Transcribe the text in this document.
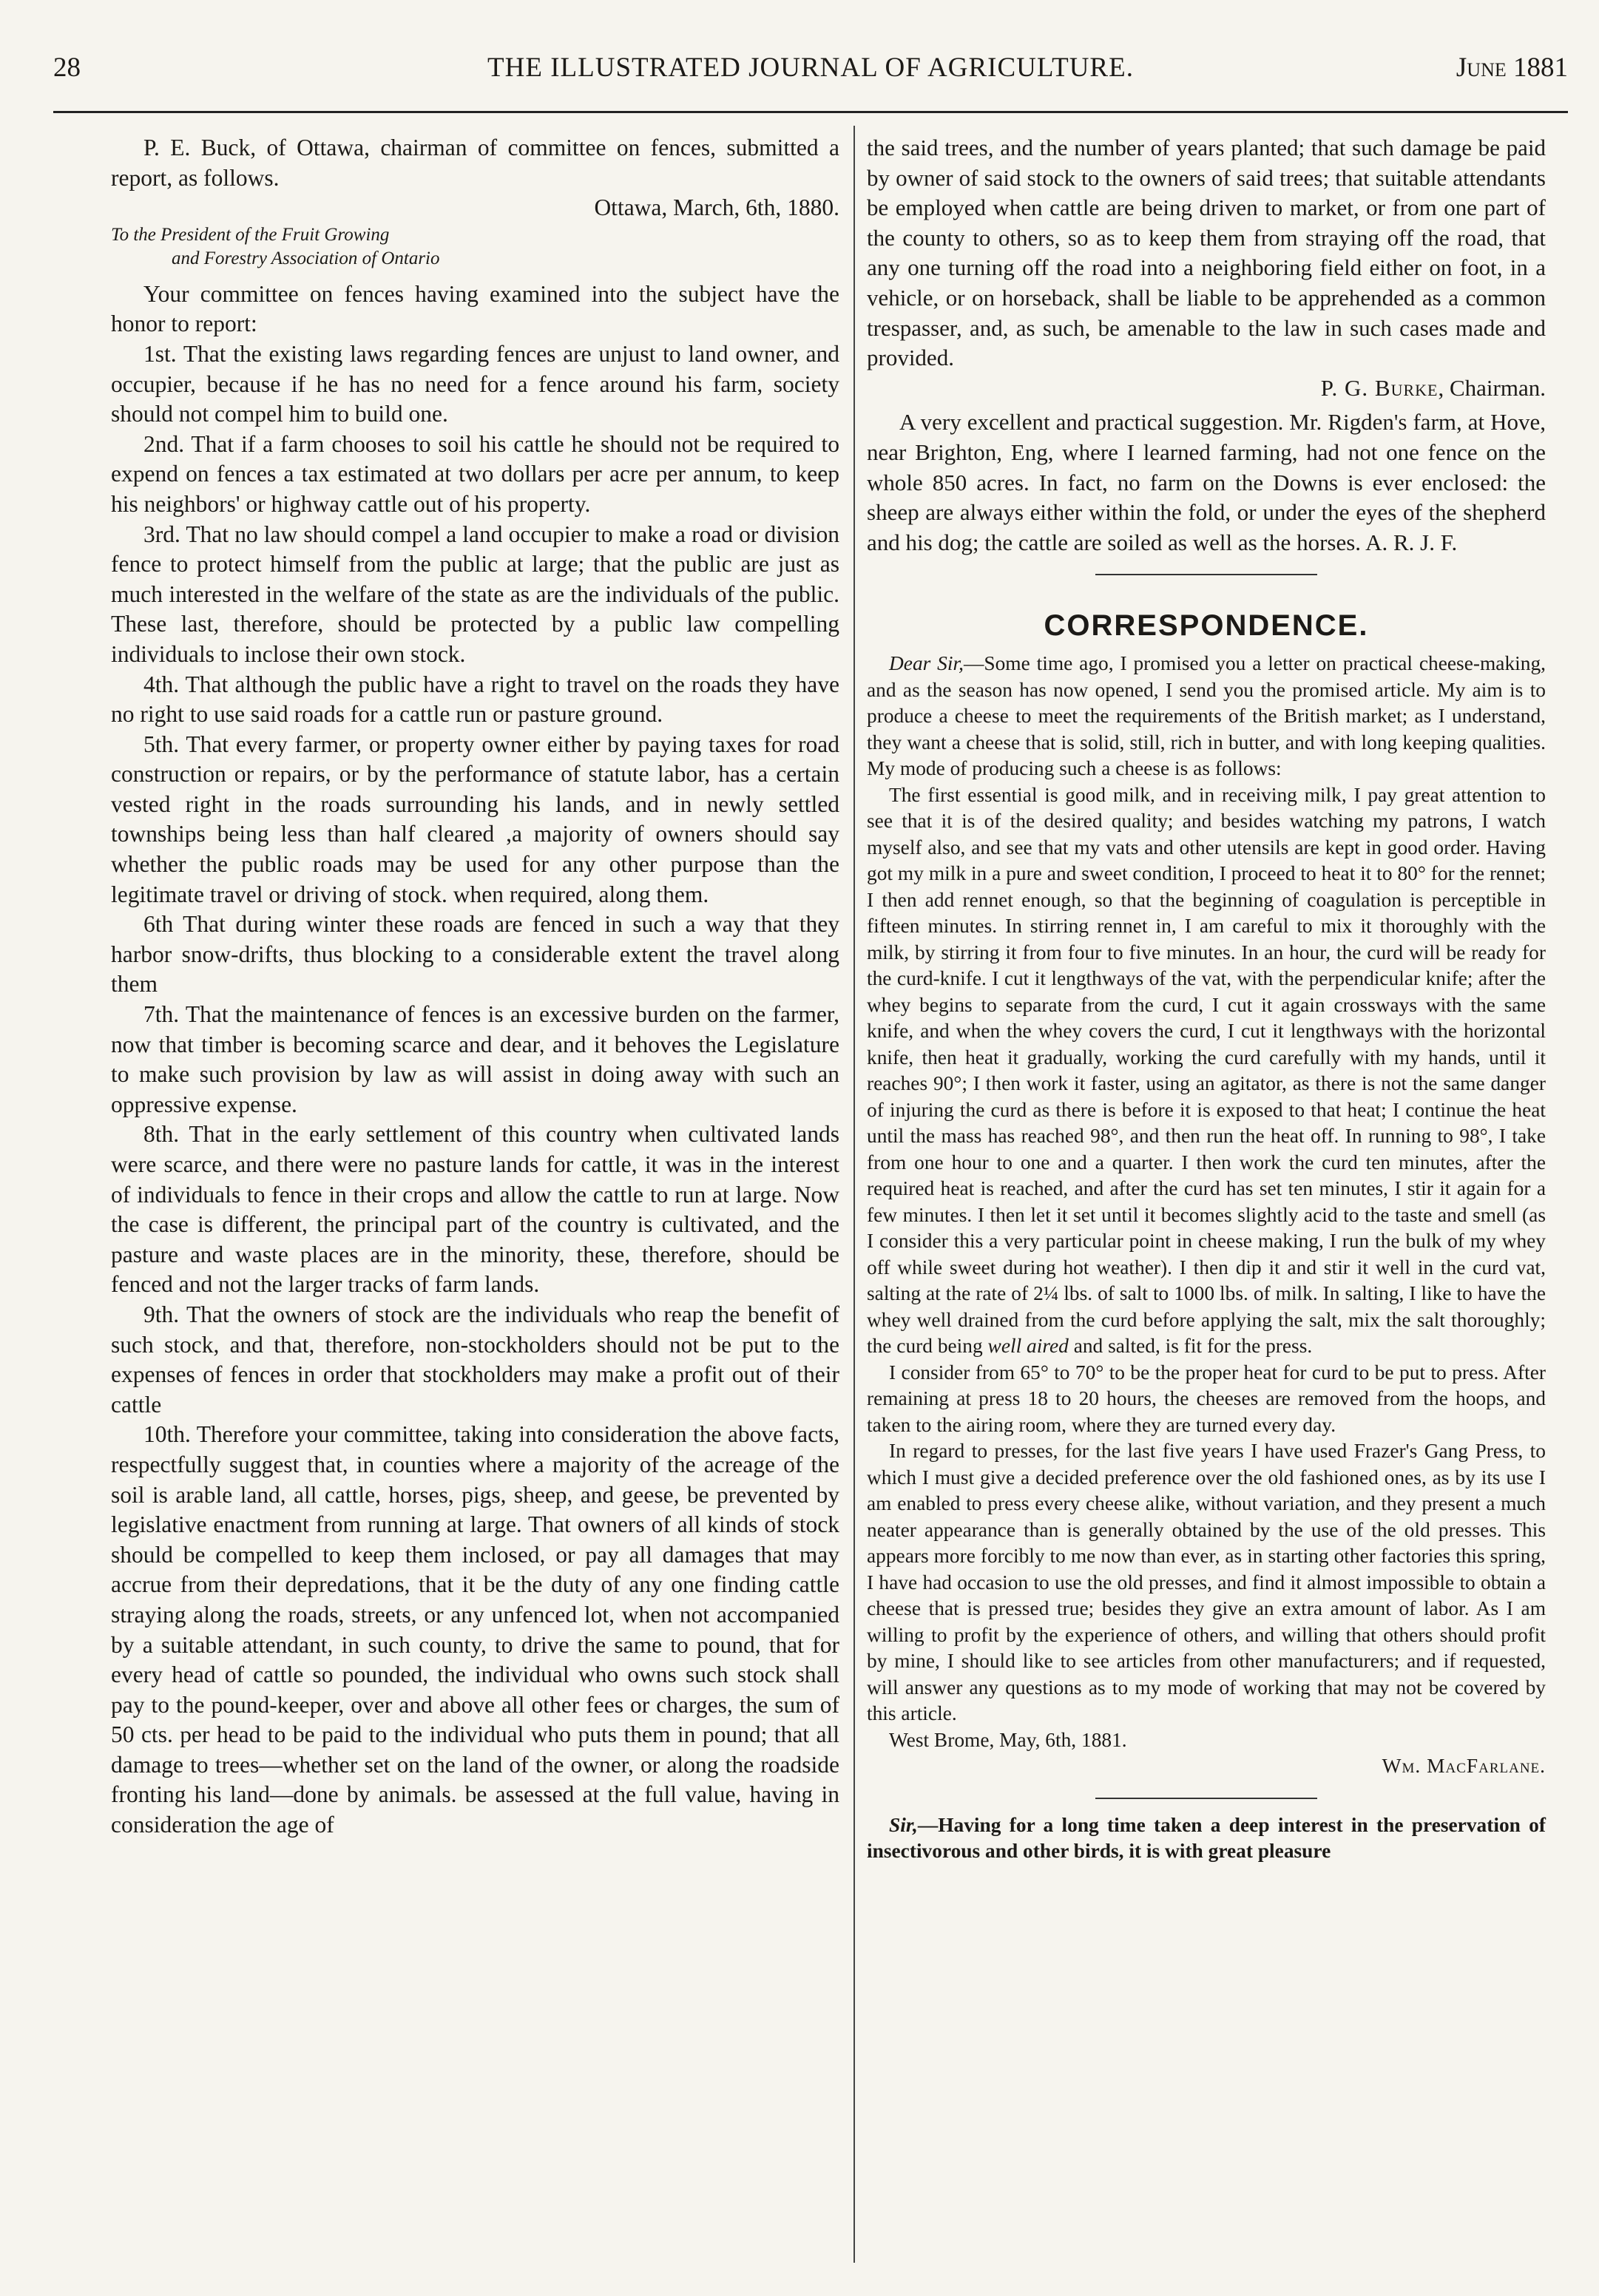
28	THE ILLUSTRATED JOURNAL OF AGRICULTURE.	June 1881

P. E. Buck, of Ottawa, chairman of committee on fences, submitted a report, as follows.

Ottawa, March, 6th, 1880.

To the President of the Fruit Growing
and Forestry Association of Ontario

Your committee on fences having examined into the subject have the honor to report:

1st. That the existing laws regarding fences are unjust to land owner, and occupier, because if he has no need for a fence around his farm, society should not compel him to build one.

2nd. That if a farm chooses to soil his cattle he should not be required to expend on fences a tax estimated at two dollars per acre per annum, to keep his neighbors' or highway cattle out of his property.

3rd. That no law should compel a land occupier to make a road or division fence to protect himself from the public at large; that the public are just as much interested in the welfare of the state as are the individuals of the public. These last, therefore, should be protected by a public law compelling individuals to inclose their own stock.

4th. That although the public have a right to travel on the roads they have no right to use said roads for a cattle run or pasture ground.

5th. That every farmer, or property owner either by paying taxes for road construction or repairs, or by the performance of statute labor, has a certain vested right in the roads surrounding his lands, and in newly settled townships being less than half cleared ,a majority of owners should say whether the public roads may be used for any other purpose than the legitimate travel or driving of stock. when required, along them.

6th That during winter these roads are fenced in such a way that they harbor snow-drifts, thus blocking to a considerable extent the travel along them

7th. That the maintenance of fences is an excessive burden on the farmer, now that timber is becoming scarce and dear, and it behoves the Legislature to make such provision by law as will assist in doing away with such an oppressive expense.

8th. That in the early settlement of this country when cultivated lands were scarce, and there were no pasture lands for cattle, it was in the interest of individuals to fence in their crops and allow the cattle to run at large. Now the case is different, the principal part of the country is cultivated, and the pasture and waste places are in the minority, these, therefore, should be fenced and not the larger tracks of farm lands.

9th. That the owners of stock are the individuals who reap the benefit of such stock, and that, therefore, non-stockholders should not be put to the expenses of fences in order that stockholders may make a profit out of their cattle

10th. Therefore your committee, taking into consideration the above facts, respectfully suggest that, in counties where a majority of the acreage of the soil is arable land, all cattle, horses, pigs, sheep, and geese, be prevented by legislative enactment from running at large. That owners of all kinds of stock should be compelled to keep them inclosed, or pay all damages that may accrue from their depredations, that it be the duty of any one finding cattle straying along the roads, streets, or any unfenced lot, when not accompanied by a suitable attendant, in such county, to drive the same to pound, that for every head of cattle so pounded, the individual who owns such stock shall pay to the pound-keeper, over and above all other fees or charges, the sum of 50 cts. per head to be paid to the individual who puts them in pound; that all damage to trees—whether set on the land of the owner, or along the roadside fronting his land—done by animals. be assessed at the full value, having in consideration the age of

the said trees, and the number of years planted; that such damage be paid by owner of said stock to the owners of said trees; that suitable attendants be employed when cattle are being driven to market, or from one part of the county to others, so as to keep them from straying off the road, that any one turning off the road into a neighboring field either on foot, in a vehicle, or on horseback, shall be liable to be apprehended as a common trespasser, and, as such, be amenable to the law in such cases made and provided.

P. G. Burke, Chairman.

A very excellent and practical suggestion. Mr. Rigden's farm, at Hove, near Brighton, Eng, where I learned farming, had not one fence on the whole 850 acres. In fact, no farm on the Downs is ever enclosed: the sheep are always either within the fold, or under the eyes of the shepherd and his dog; the cattle are soiled as well as the horses. A. R. J. F.

CORRESPONDENCE.

Dear Sir,—Some time ago, I promised you a letter on practical cheese-making, and as the season has now opened, I send you the promised article. My aim is to produce a cheese to meet the requirements of the British market; as I understand, they want a cheese that is solid, still, rich in butter, and with long keeping qualities. My mode of producing such a cheese is as follows:

The first essential is good milk, and in receiving milk, I pay great attention to see that it is of the desired quality; and besides watching my patrons, I watch myself also, and see that my vats and other utensils are kept in good order. Having got my milk in a pure and sweet condition, I proceed to heat it to 80° for the rennet; I then add rennet enough, so that the beginning of coagulation is perceptible in fifteen minutes. In stirring rennet in, I am careful to mix it thoroughly with the milk, by stirring it from four to five minutes. In an hour, the curd will be ready for the curd-knife. I cut it lengthways of the vat, with the perpendicular knife; after the whey begins to separate from the curd, I cut it again crossways with the same knife, and when the whey covers the curd, I cut it lengthways with the horizontal knife, then heat it gradually, working the curd carefully with my hands, until it reaches 90°; I then work it faster, using an agitator, as there is not the same danger of injuring the curd as there is before it is exposed to that heat; I continue the heat until the mass has reached 98°, and then run the heat off. In running to 98°, I take from one hour to one and a quarter. I then work the curd ten minutes, after the required heat is reached, and after the curd has set ten minutes, I stir it again for a few minutes. I then let it set until it becomes slightly acid to the taste and smell (as I consider this a very particular point in cheese making, I run the bulk of my whey off while sweet during hot weather). I then dip it and stir it well in the curd vat, salting at the rate of 2¼ lbs. of salt to 1000 lbs. of milk. In salting, I like to have the whey well drained from the curd before applying the salt, mix the salt thoroughly; the curd being well aired and salted, is fit for the press.

I consider from 65° to 70° to be the proper heat for curd to be put to press. After remaining at press 18 to 20 hours, the cheeses are removed from the hoops, and taken to the airing room, where they are turned every day.

In regard to presses, for the last five years I have used Frazer's Gang Press, to which I must give a decided preference over the old fashioned ones, as by its use I am enabled to press every cheese alike, without variation, and they present a much neater appearance than is generally obtained by the use of the old presses. This appears more forcibly to me now than ever, as in starting other factories this spring, I have had occasion to use the old presses, and find it almost impossible to obtain a cheese that is pressed true; besides they give an extra amount of labor. As I am willing to profit by the experience of others, and willing that others should profit by mine, I should like to see articles from other manufacturers; and if requested, will answer any questions as to my mode of working that may not be covered by this article.

West Brome, May, 6th, 1881.

Wm. MacFarlane.

Sir,—Having for a long time taken a deep interest in the preservation of insectivorous and other birds, it is with great pleasure
